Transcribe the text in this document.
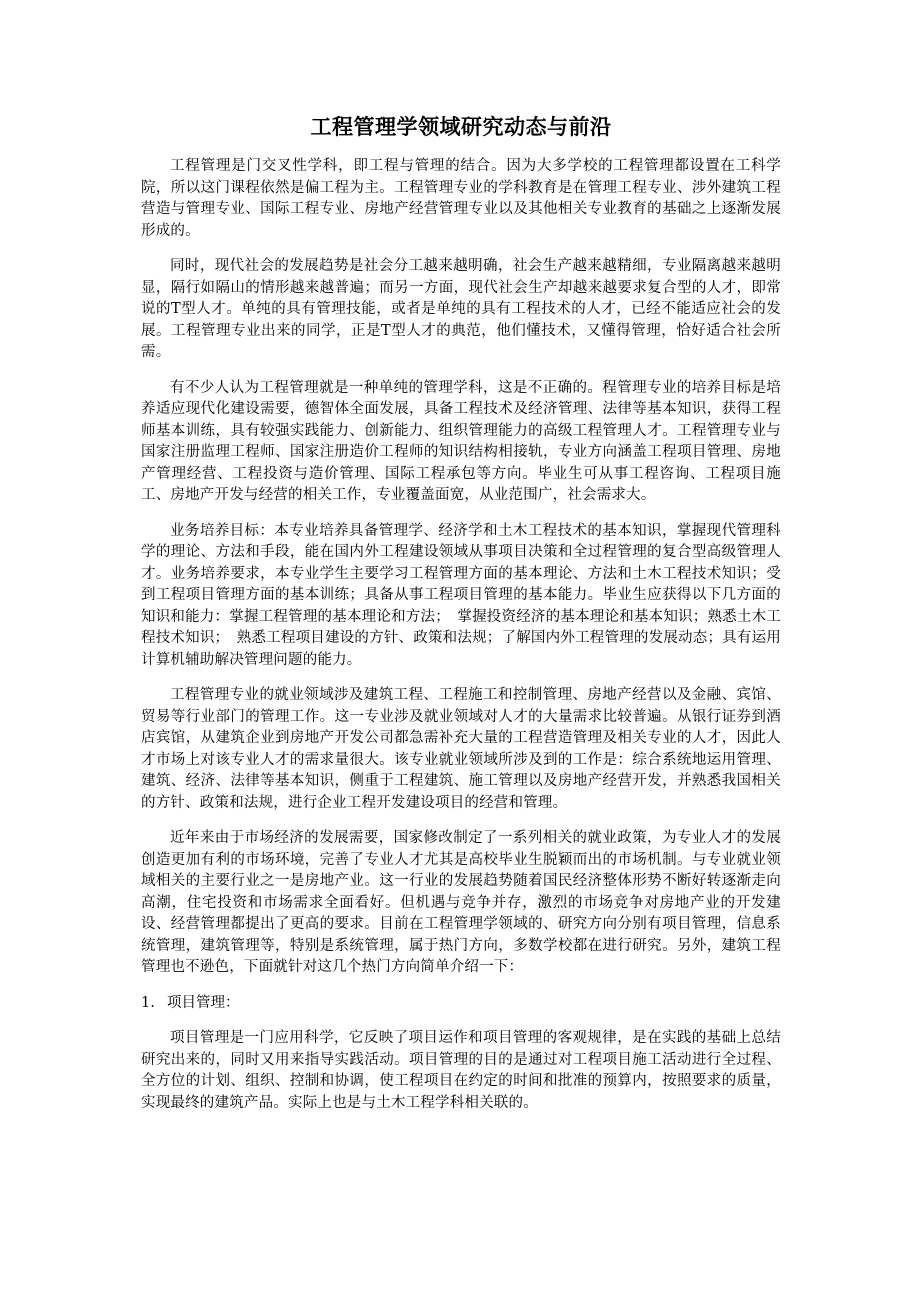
工程管理学领域研究动态与前沿

工程管理是门交叉性学科，即工程与管理的结合。因为大多学校的工程管理都设置在工科学院，所以这门课程依然是偏工程为主。工程管理专业的学科教育是在管理工程专业、涉外建筑工程营造与管理专业、国际工程专业、房地产经营管理专业以及其他相关专业教育的基础之上逐渐发展形成的。

同时，现代社会的发展趋势是社会分工越来越明确，社会生产越来越精细，专业隔离越来越明显，隔行如隔山的情形越来越普遍；而另一方面，现代社会生产却越来越要求复合型的人才，即常说的T型人才。单纯的具有管理技能，或者是单纯的具有工程技术的人才，已经不能适应社会的发展。工程管理专业出来的同学，正是T型人才的典范，他们懂技术，又懂得管理，恰好适合社会所需。

有不少人认为工程管理就是一种单纯的管理学科，这是不正确的。程管理专业的培养目标是培养适应现代化建设需要，德智体全面发展，具备工程技术及经济管理、法律等基本知识，获得工程师基本训练，具有较强实践能力、创新能力、组织管理能力的高级工程管理人才。工程管理专业与国家注册监理工程师、国家注册造价工程师的知识结构相接轨，专业方向涵盖工程项目管理、房地产管理经营、工程投资与造价管理、国际工程承包等方向。毕业生可从事工程咨询、工程项目施工、房地产开发与经营的相关工作，专业覆盖面宽，从业范围广，社会需求大。

业务培养目标：本专业培养具备管理学、经济学和土木工程技术的基本知识，掌握现代管理科学的理论、方法和手段，能在国内外工程建设领域从事项目决策和全过程管理的复合型高级管理人才。业务培养要求，本专业学生主要学习工程管理方面的基本理论、方法和土木工程技术知识；受到工程项目管理方面的基本训练；具备从事工程项目管理的基本能力。毕业生应获得以下几方面的知识和能力：掌握工程管理的基本理论和方法；　掌握投资经济的基本理论和基本知识；熟悉土木工程技术知识；　熟悉工程项目建设的方针、政策和法规；了解国内外工程管理的发展动态；具有运用计算机辅助解决管理问题的能力。

工程管理专业的就业领域涉及建筑工程、工程施工和控制管理、房地产经营以及金融、宾馆、贸易等行业部门的管理工作。这一专业涉及就业领域对人才的大量需求比较普遍。从银行证券到酒店宾馆，从建筑企业到房地产开发公司都急需补充大量的工程营造管理及相关专业的人才，因此人才市场上对该专业人才的需求量很大。该专业就业领域所涉及到的工作是：综合系统地运用管理、建筑、经济、法律等基本知识，侧重于工程建筑、施工管理以及房地产经营开发，并熟悉我国相关的方针、政策和法规，进行企业工程开发建设项目的经营和管理。

近年来由于市场经济的发展需要，国家修改制定了一系列相关的就业政策，为专业人才的发展创造更加有利的市场环境，完善了专业人才尤其是高校毕业生脱颖而出的市场机制。与专业就业领域相关的主要行业之一是房地产业。这一行业的发展趋势随着国民经济整体形势不断好转逐渐走向高潮，住宅投资和市场需求全面看好。但机遇与竞争并存，激烈的市场竞争对房地产业的开发建设、经营管理都提出了更高的要求。目前在工程管理学领域的、研究方向分别有项目管理，信息系统管理，建筑管理等，特别是系统管理，属于热门方向，多数学校都在进行研究。另外，建筑工程管理也不逊色，下面就针对这几个热门方向简单介绍一下：

1. 项目管理：

项目管理是一门应用科学，它反映了项目运作和项目管理的客观规律，是在实践的基础上总结研究出来的，同时又用来指导实践活动。项目管理的目的是通过对工程项目施工活动进行全过程、全方位的计划、组织、控制和协调，使工程项目在约定的时间和批准的预算内，按照要求的质量，实现最终的建筑产品。实际上也是与土木工程学科相关联的。
